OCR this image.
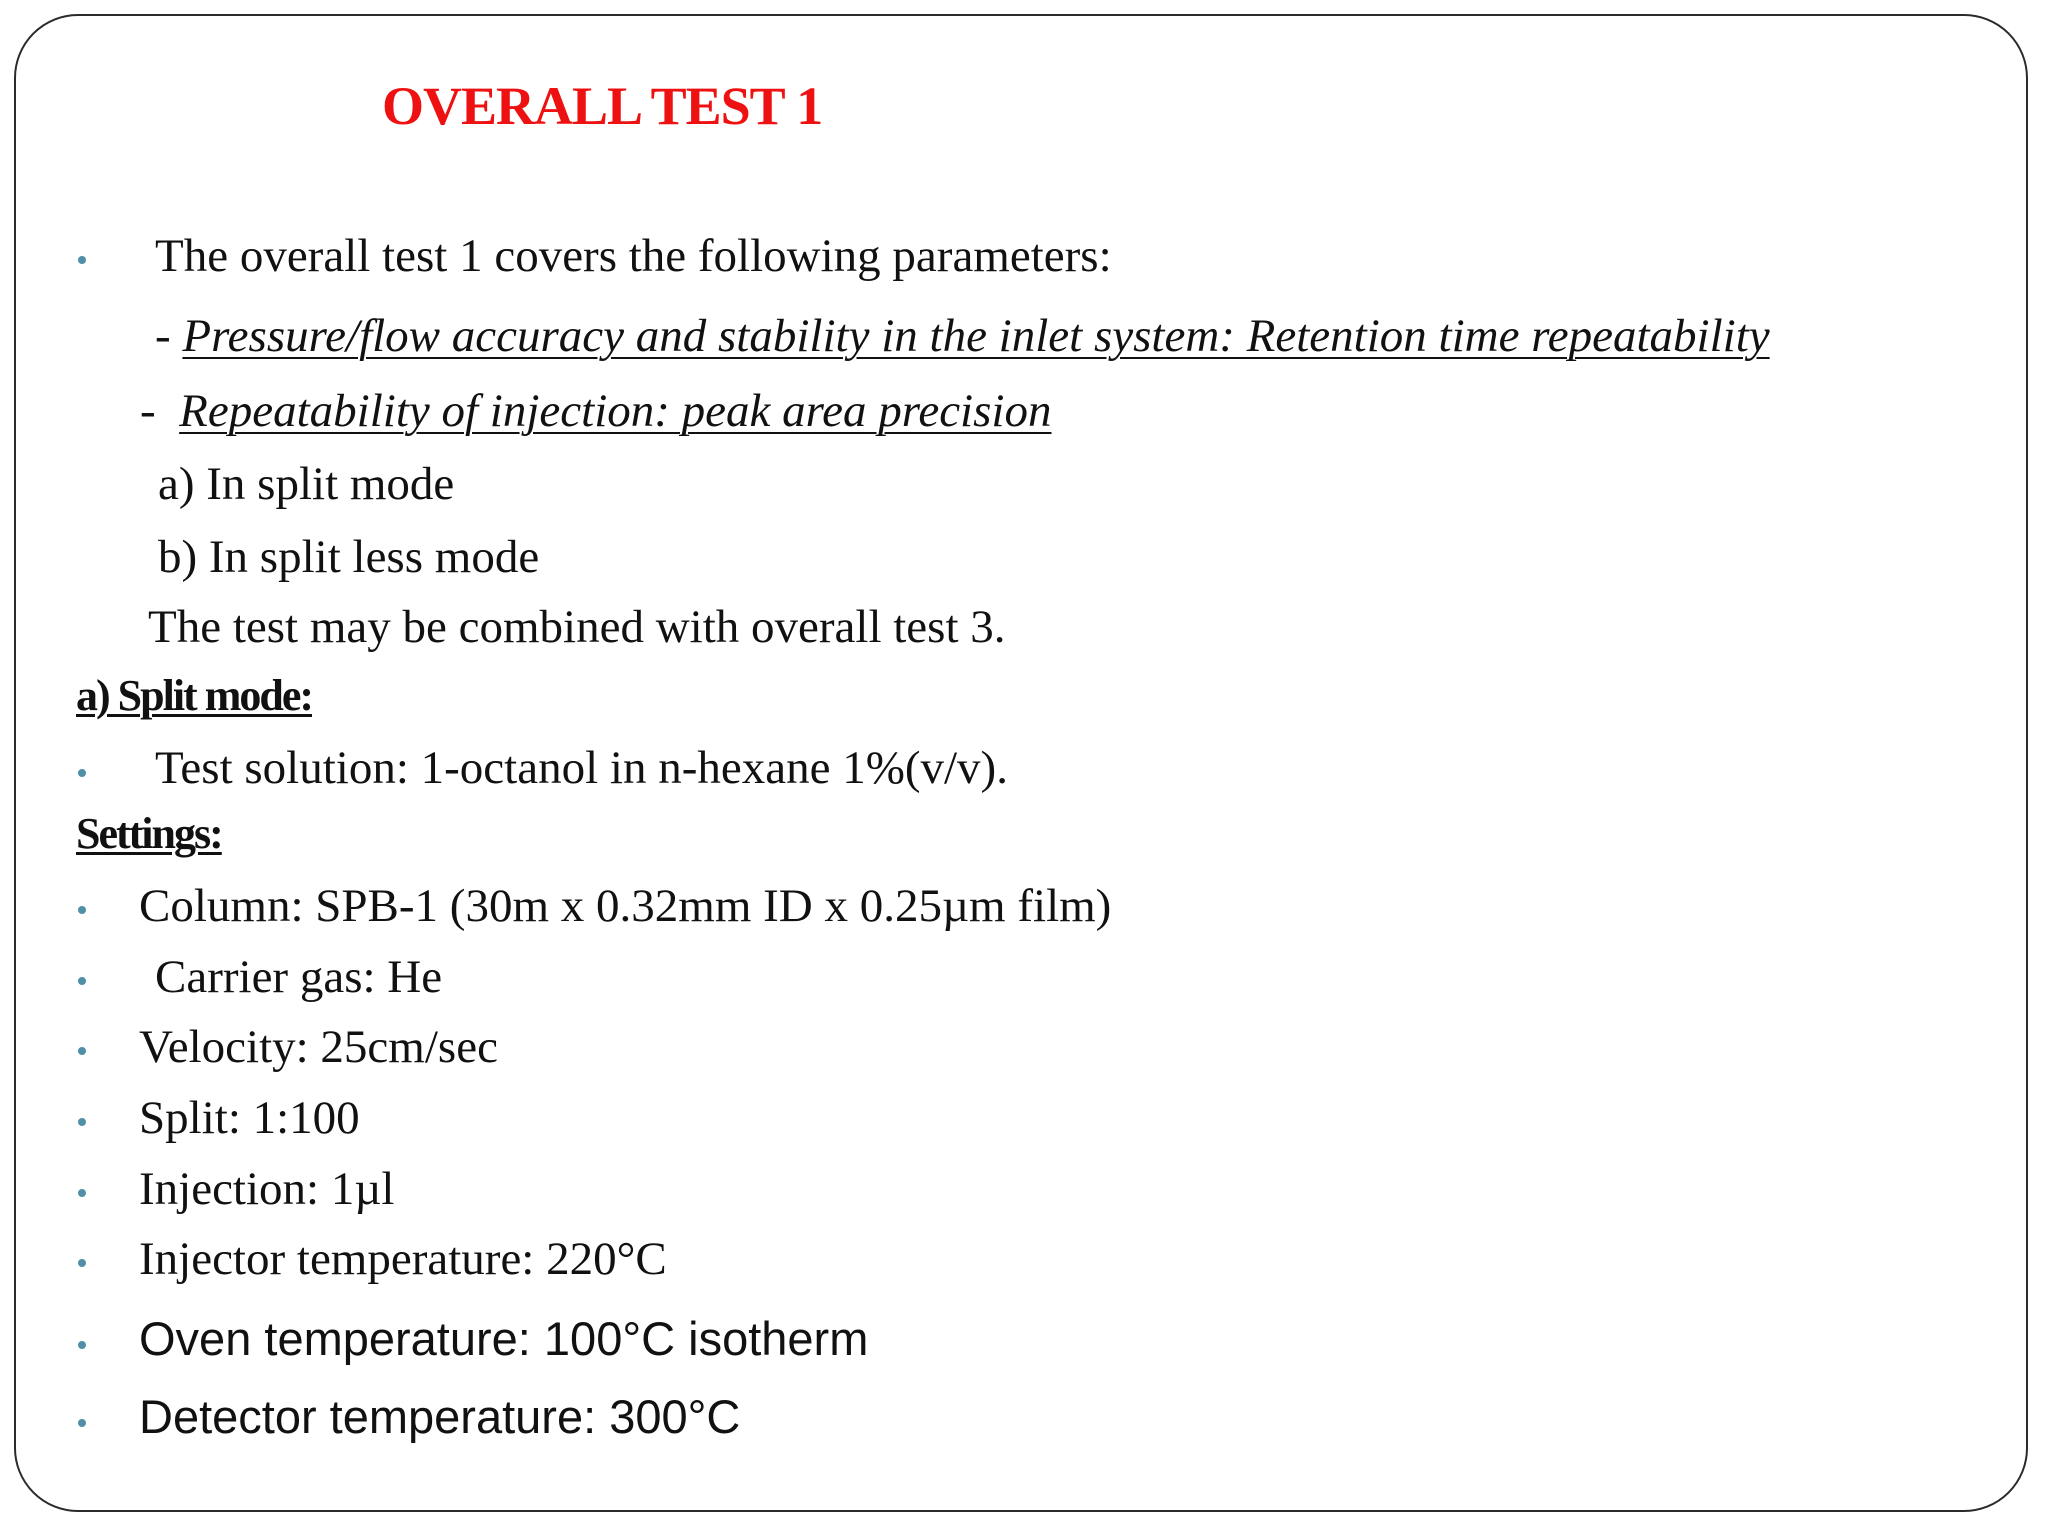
OVERALL TEST 1
The overall test 1 covers the following parameters:
- Pressure/flow accuracy and stability in the inlet system: Retention time repeatability
- Repeatability of injection: peak area precision
a) In split mode
b) In split less mode
The test may be combined with overall test 3.
a) Split mode:
Test solution: 1-octanol in n-hexane 1%(v/v).
Settings:
Column: SPB-1 (30m x 0.32mm ID x 0.25µm film)
Carrier gas: He
Velocity: 25cm/sec
Split: 1:100
Injection: 1µl
Injector temperature: 220°C
Oven temperature: 100°C isotherm
Detector temperature: 300°C
